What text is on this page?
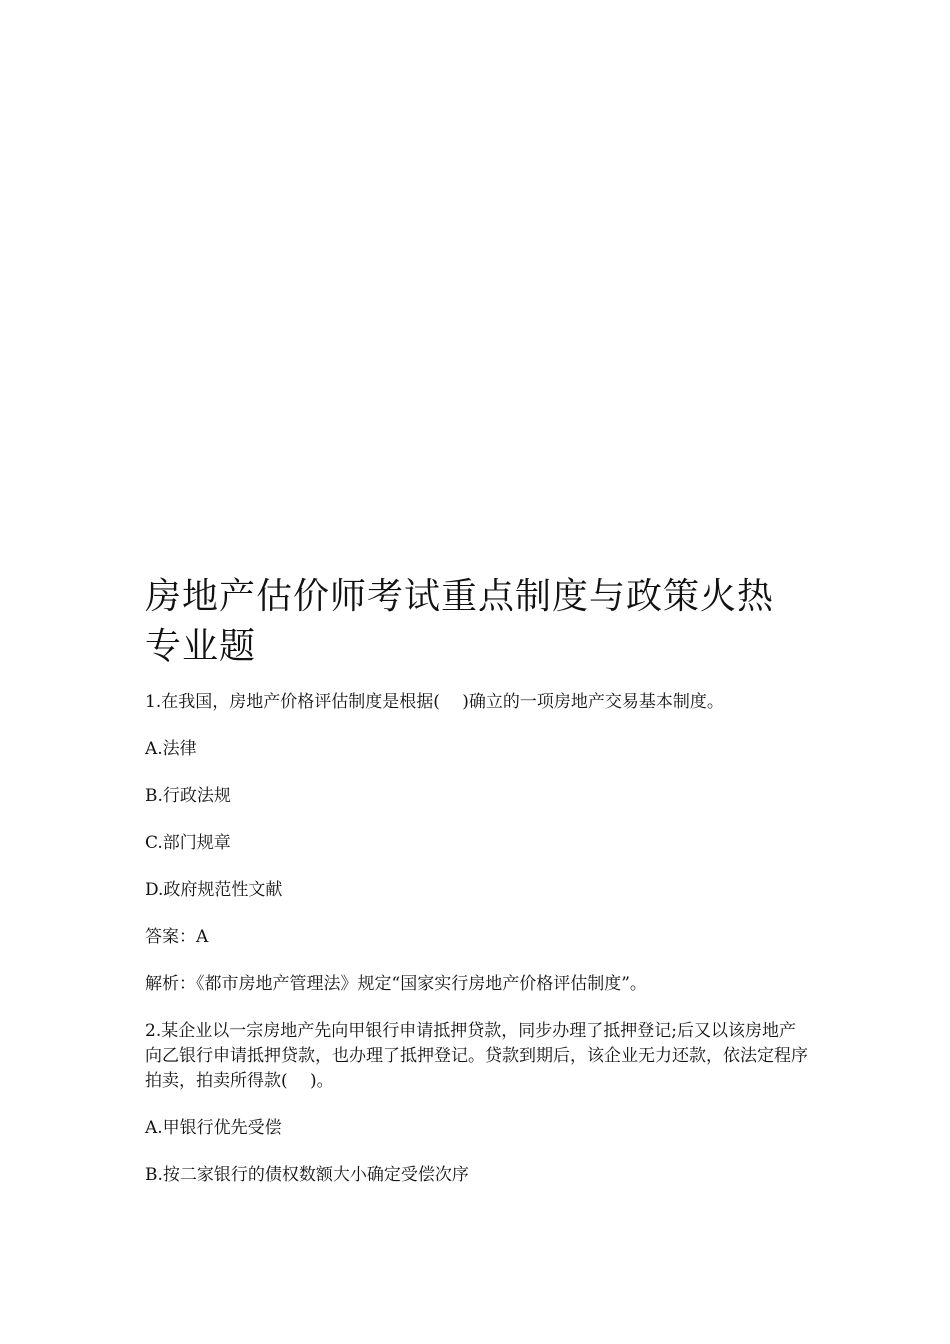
房地产估价师考试重点制度与政策火热专业题

1.在我国，房地产价格评估制度是根据(　 )确立的一项房地产交易基本制度。

A.法律

B.行政法规

C.部门规章

D.政府规范性文献

答案：A

解析：《都市房地产管理法》规定“国家实行房地产价格评估制度”。

2.某企业以一宗房地产先向甲银行申请抵押贷款，同步办理了抵押登记;后又以该房地产向乙银行申请抵押贷款，也办理了抵押登记。贷款到期后，该企业无力还款，依法定程序拍卖，拍卖所得款(　 )。

A.甲银行优先受偿

B.按二家银行的债权数额大小确定受偿次序
